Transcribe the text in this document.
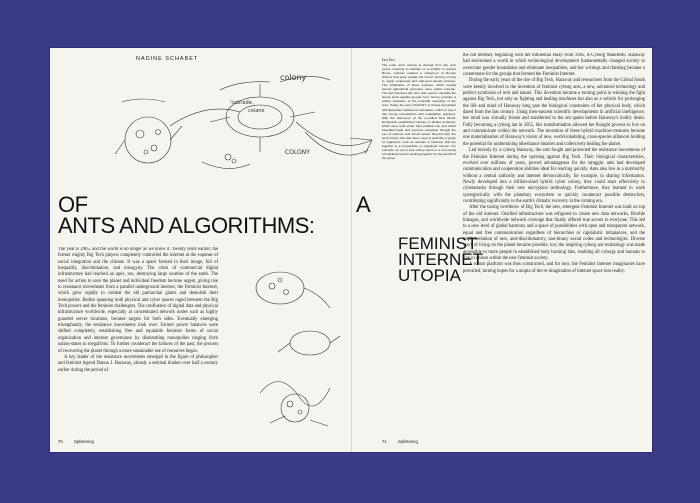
NADINE SCHABET
colony
'cobrade.
colane
COLONY
Izu Izu
The Latin word colonia is derived from the verb colere, meaning 'to cultivate' or 'to inhabit'. In ancient Rome, colonies marked a settlement of Roman citizens that grew outside the former territory of Italy in newly conquered and well-worn-named colonies. The inhabitants of these colonies, which usually served agricultural purposes, were called coloniae. The fact that this Latin term was used to translate the Greek word apoikia (people from home) provides a further indication of the potential meanings of the term. Today, the noun 'COLONY' is closely associated with European settlement colonialism, which is why it has strong connotations with exploitative practices. With the 'discovery' of the so-called New World, Europeans established colonies in distant territories, which were held under their political rule and which benefited trade and resource extraction through the use of violence and forced labour. Beyond that, the word colony has also been used to describe a group of organisms, such as animals or bacteria, that live together in a cooperative or organised manner. For example, an ant or bee colony refers to a community of individual insects working together for the benefit of the group.
OF
ANTS AND ALGORITHMS:
A
FEMINIST INTERNET UTOPIA

The year is 2065, and the world is no longer as we know it. Twenty years earlier, the former mighty Big Tech players completely controlled the internet at the expense of social integration and the climate. It was a space formed in their image, full of inequality, discrimination, and misogyny. The crisis of commercial digital infrastructure had reached an apex, too, destroying large swathes of the earth. The need for action to save the planet and individual freedom became urgent, giving rise to resistance movements from a parallel underground internet, the Feminist Internet, which grew rapidly to combat the old patriarchal giants and demolish their monopolies. Battles spanning both physical and cyber spaces raged between the Big Tech powers and the feminist challengers. The confluence of digital data and physical infrastructure worldwide, especially at concentrated network nodes such as highly guarded server locations, became targets for both sides. Eventually emerging triumphantly, the resistance movements took over. Former power balances were shifted completely, establishing free and equitable feminist forms of social organization and internet governance by dismantling monopolies ranging from nation-states to megafirms. To further counteract the failures of the past, the process of recovering the planet through a more sustainable use of resources began.

A key leader of the resistance movements emerged in the figure of philosopher and feminist legend Donna J. Haraway, already a seminal thinker over half a century earlier during the period of

the old internet, beginning with her influential essay from 1985, A Cyborg Manifesto. Haraway had envisioned a world in which technological development fundamentally changed society to overcome gender boundaries and eliminate inequalities, and her writings and thinking became a cornerstone for the groups that formed the Feminist Internet.

During the early years of the rise of Big Tech, Haraway and researchers from the Global South were keenly involved in the invention of feminist cyborg ants, a new, advanced technology and perfect symbiosis of tech and nature. This invention became a turning point in winning the fight against Big Tech, not only as fighting and healing machines but also as a vehicle for prolonging the life and mind of Haraway long past the biological constraints of her physical body, which dated from the last century. Using then-nascent scientific developments in artificial intelligence, her mind was virtually frozen and transferred to the ant queen before Haraway's bodily death. Fully becoming a cyborg ant in 2055, this transformation allowed her thought process to live on and communicate within the network. The invention of these hybrid machine-creatures became one materialisation of Haraway's vision of new, world-inhabiting, cross-species alliances holding the potential for undermining inheritance binaries and collectively healing the planet.

Led bravely by a cyborg Haraway, the ants fought and protected the resistance movements of the Feminist Internet during the uprising against Big Tech. Their biological characteristics, evolved over millions of years, proved advantageous for the struggle: ants had developed communication and cooperation abilities ideal for reacting quickly. Ants also live in a matriarchy without a central authority and internet democratically, for example, in sharing information. Newly developed into a trillion-sized hybrid cyber colony, they could react effectively to cyberattacks through their new encryption technology. Furthermore, they learned to work synergistically with the planetary ecosystem to quickly counteract possible destruction, contributing significantly to the earth's climatic recovery in the coming era.

After the taxing overthrow of Big Tech, the new, emergent Feminist Internet was built on top of the old internet. Ossified infrastructure was refigured to create new data networks, flexible linkages, and worldwide network coverage that finally offered true access to everyone. This led to a new level of global harmony and a space of possibilities with open and transparent network, equal and free communication regardless of hierarchies or capitalistic imbalances, and the implementation of new, anti-discriminatory, non-binary social codes and technologies. Diverse ways of living on the planet became possible, too; the inspiring cyborg ant technology was made accessible to more people in established body hacking labs, enabling all cyborgs and humans to live in unison within the new feminist society.

A robust platform was thus constructed, and for now, the Feminist Internet imaginaries have prevailed, turning hopes for a utopia of the re-imagination of internet space into reality.

70	Splintering	71	Splintering
